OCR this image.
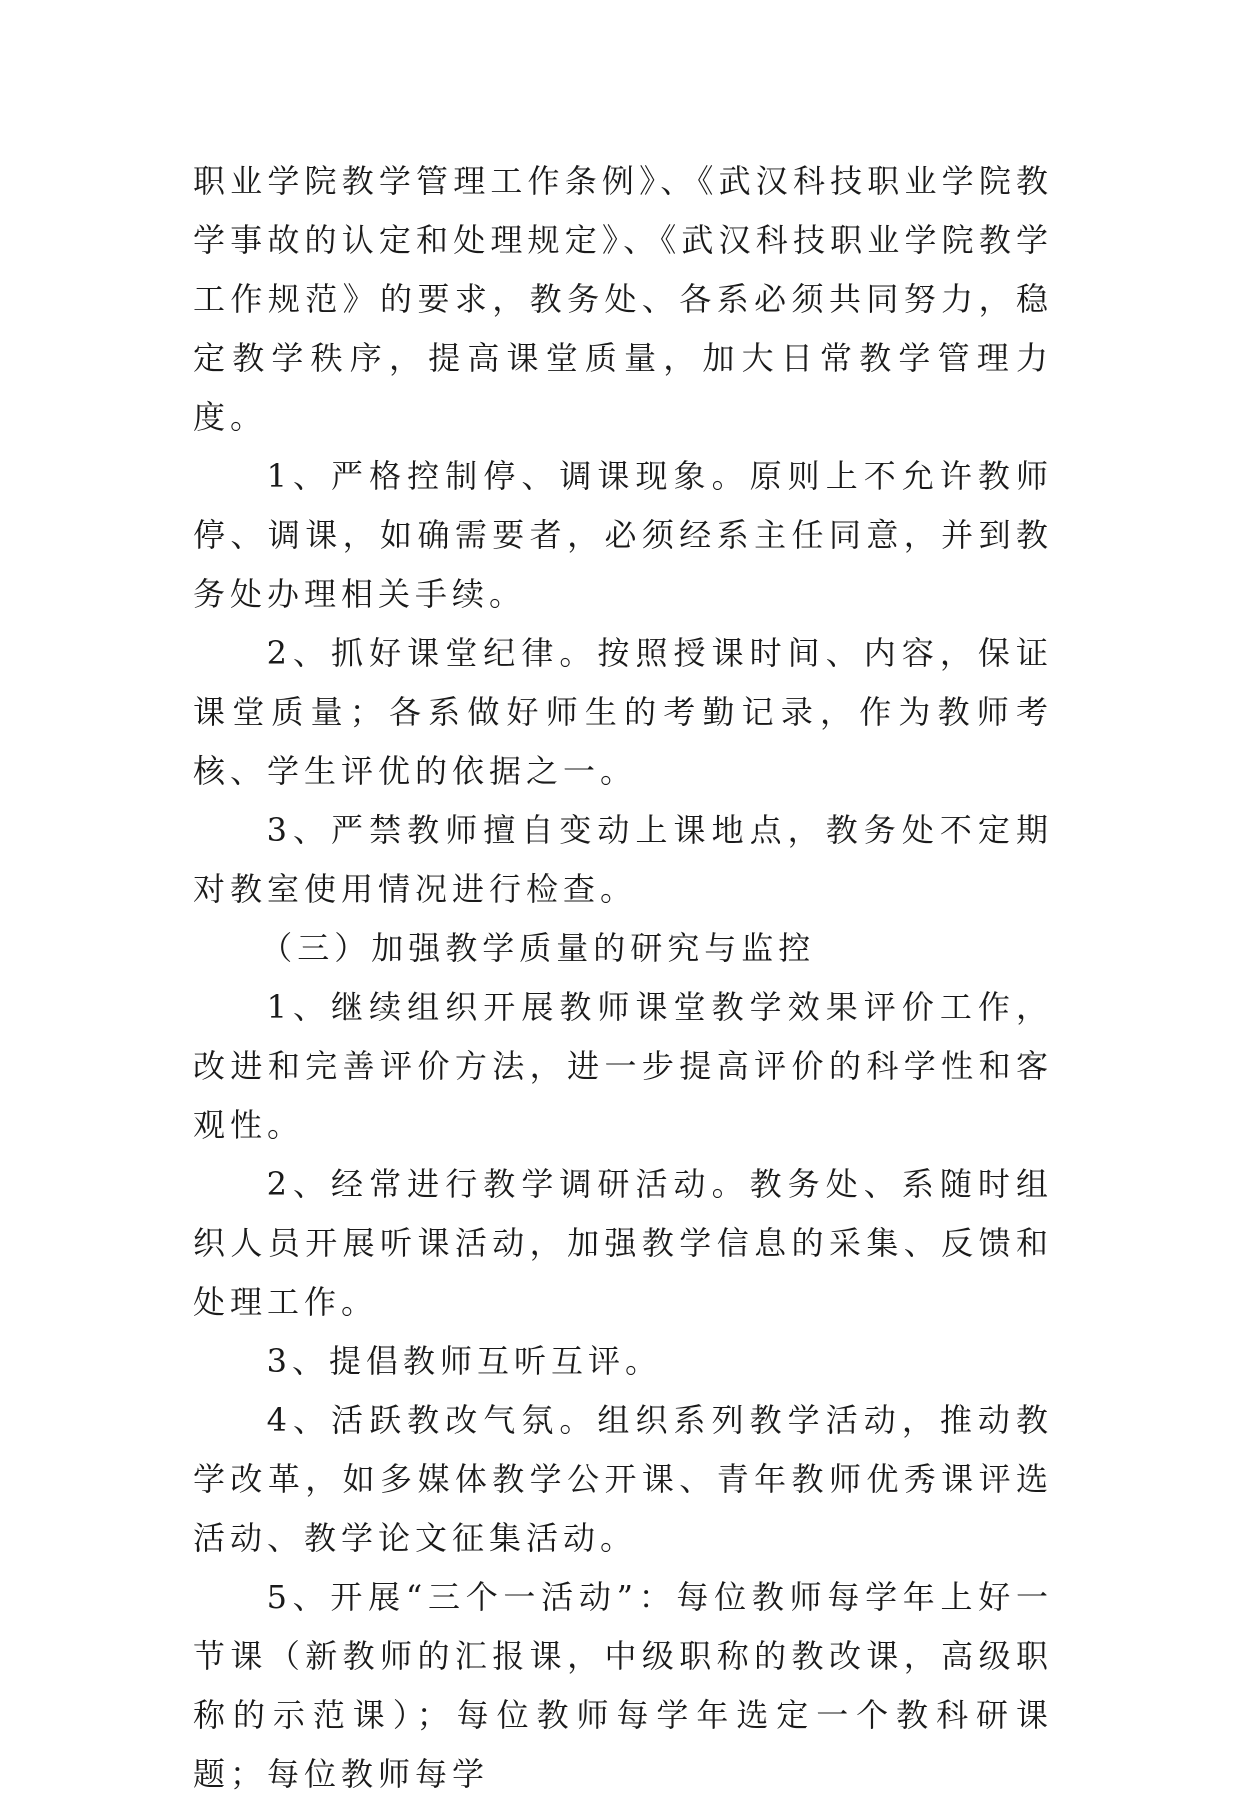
职业学院教学管理工作条例》、《武汉科技职业学院教学事故的认定和处理规定》、《武汉科技职业学院教学工作规范》的要求，教务处、各系必须共同努力，稳定教学秩序，提高课堂质量，加大日常教学管理力度。

1、严格控制停、调课现象。原则上不允许教师停、调课，如确需要者，必须经系主任同意，并到教务处办理相关手续。

2、抓好课堂纪律。按照授课时间、内容，保证课堂质量；各系做好师生的考勤记录，作为教师考核、学生评优的依据之一。

3、严禁教师擅自变动上课地点，教务处不定期对教室使用情况进行检查。

（三）加强教学质量的研究与监控

1、继续组织开展教师课堂教学效果评价工作，改进和完善评价方法，进一步提高评价的科学性和客观性。

2、经常进行教学调研活动。教务处、系随时组织人员开展听课活动，加强教学信息的采集、反馈和处理工作。

3、提倡教师互听互评。

4、活跃教改气氛。组织系列教学活动，推动教学改革，如多媒体教学公开课、青年教师优秀课评选活动、教学论文征集活动。

5、开展“三个一活动”：每位教师每学年上好一节课（新教师的汇报课，中级职称的教改课，高级职称的示范课）；每位教师每学年选定一个教科研课题；每位教师每学
